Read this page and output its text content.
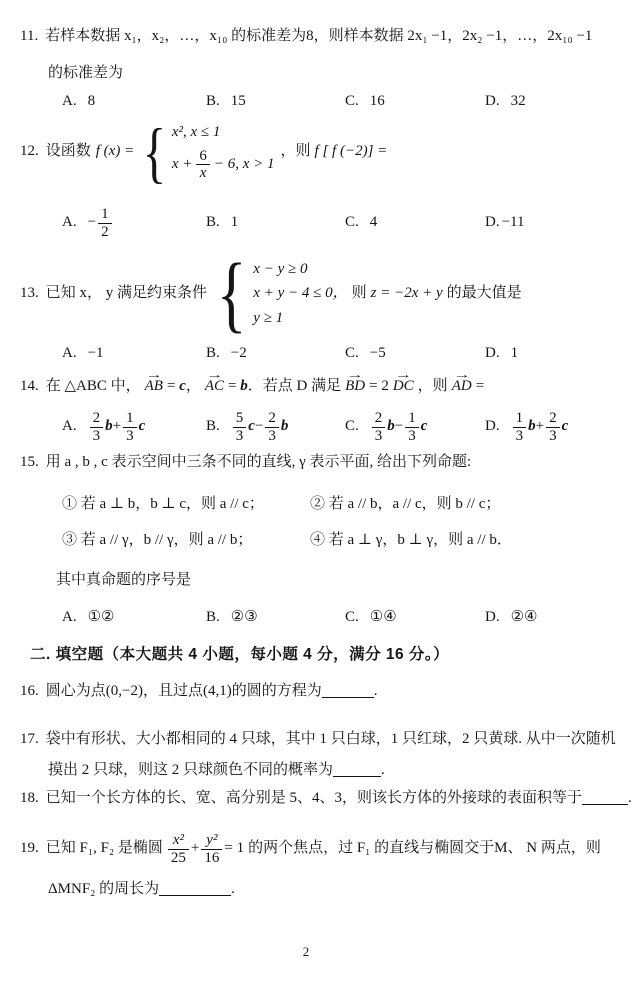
11. 若样本数据 x₁，x₂，…，x₁₀ 的标准差为8，则样本数据 2x₁ −1，2x₂ −1，…，2x₁₀ −1
的标准差为
A. 8	B. 15	C. 16	D. 32
12. 设函数 f (x) = { x², x ≤ 1
$x + \frac{6}{x} - 6$, x > 1
，则 f [ f (−2)] =
A. − $\frac{1}{2}$	B. 1	C. 4	D. −11
13. 已知 x， y 满足约束条件 { x − y ≥ 0
x + y − 4 ≤ 0，
y ≥ 1
则 z = −2x + y 的最大值是
A. −1	B. −2	C. −5	D. 1
14. 在 △ABC 中，
→
AB = c，
→
AC = b．若点 D 满足
→
BD = 2
→
DC ，则
→
AD =
A. $\frac{2}{3}$ $b + \frac{1}{3}$ c	B. $\frac{5}{3}$ $c - \frac{2}{3}$ b	C. $\frac{2}{3}$ $b - \frac{1}{3}$ c	D. $\frac{1}{3}$ $b + \frac{2}{3}$ c
15. 用 a , b , c 表示空间中三条不同的直线, γ 表示平面, 给出下列命题:
① 若 a ⊥ b，b ⊥ c，则 a // c；	② 若 a // b，a // c，则 b // c；
③ 若 a // γ，b // γ，则 a // b；	④ 若 a ⊥ γ，b ⊥ γ，则 a // b．
其中真命题的序号是
A. ①②	B. ②③	C. ①④	D. ②④
二. 填空题（本大题共 4 小题，每小题 4 分，满分 16 分。）
16. 圆心为点(0,−2)，且过点(4,1)的圆的方程为	.
17. 袋中有形状、大小都相同的 4 只球，其中 1 只白球，1 只红球，2 只黄球. 从中一次随机
摸出 2 只球，则这 2 只球颜色不同的概率为	.
18. 已知一个长方体的长、宽、高分别是 5、4、3，则该长方体的外接球的表面积等于	.
19. 已知 F₁, F₂ 是椭圆 $\frac{\text{x²}}{25} + \frac{\text{y²}}{16} = 1$ 的两个焦点，过 F₁ 的直线与椭圆交于M、 N 两点，则
ΔMNF₂ 的周长为	.
2
